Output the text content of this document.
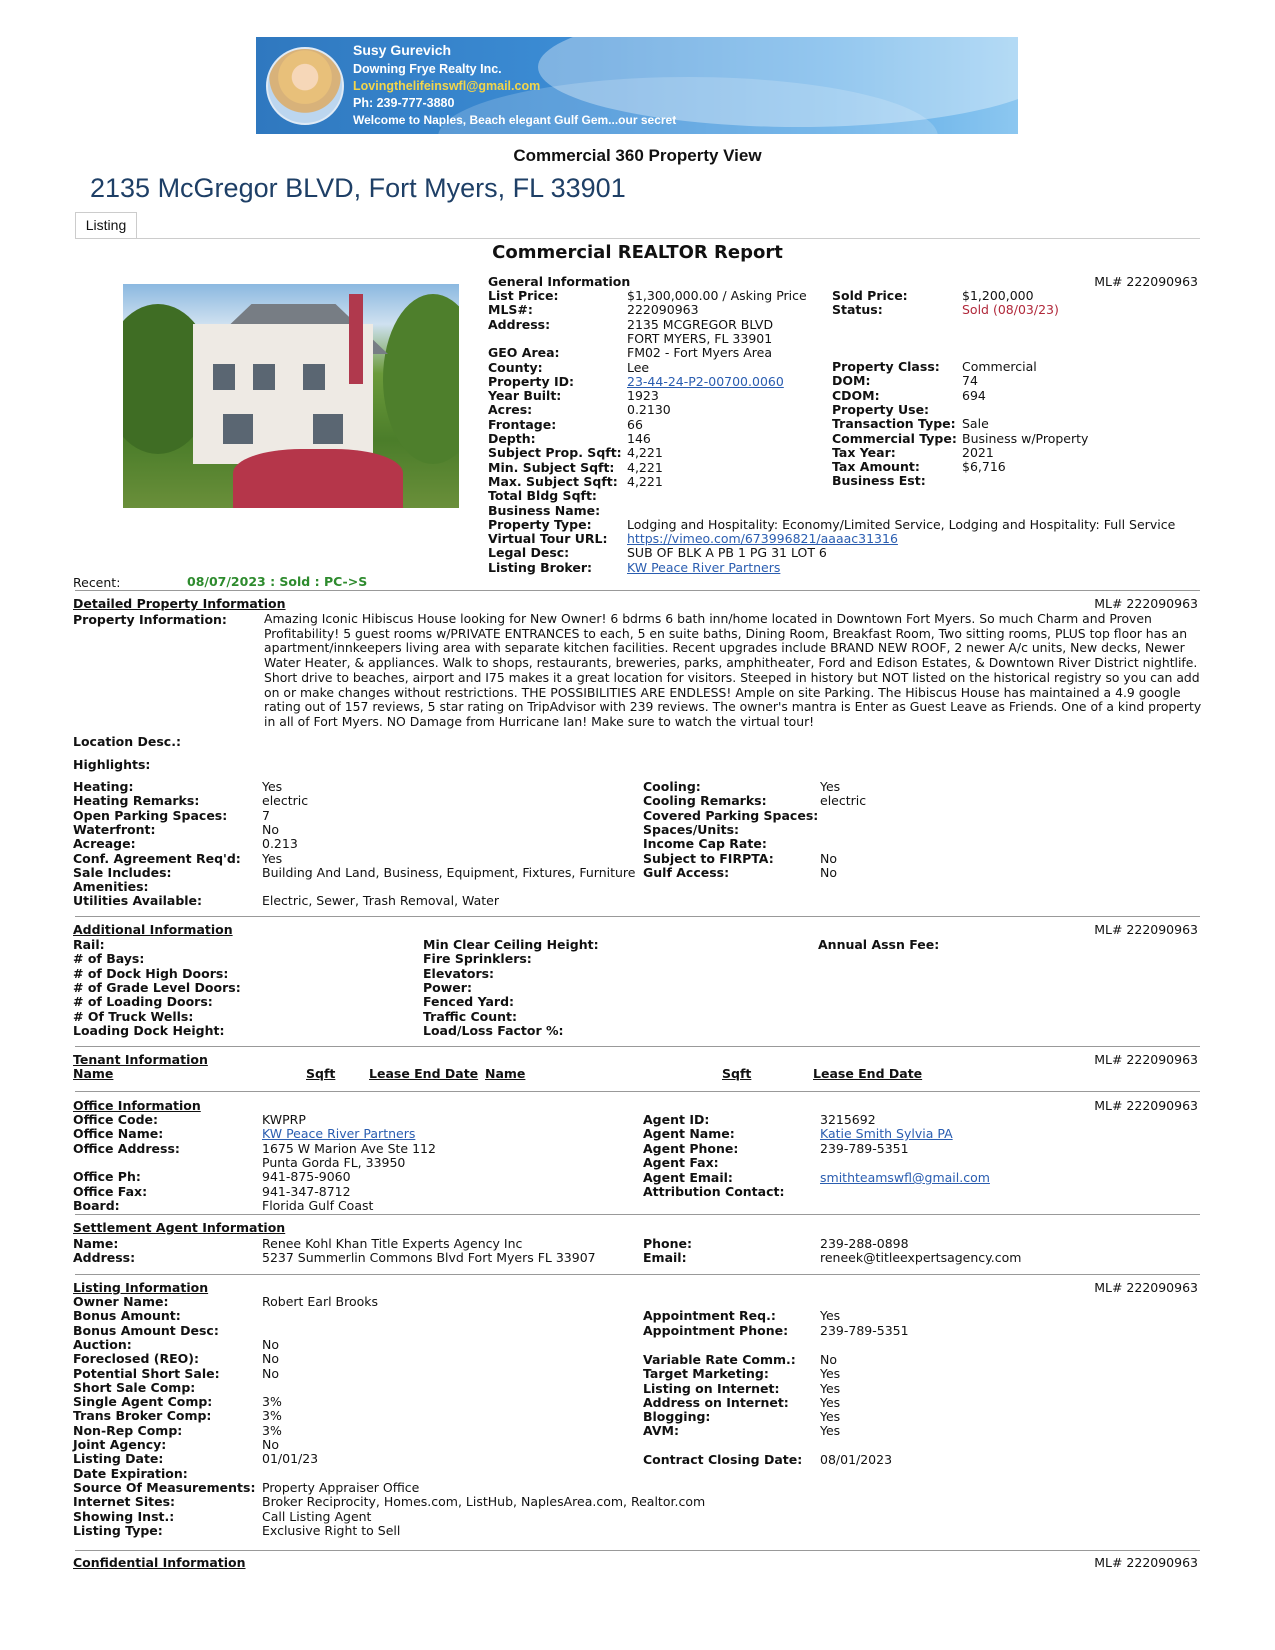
Susy Gurevich
Downing Frye Realty Inc.
Lovingthelifeinswfl@gmail.com
Ph: 239-777-3880
Welcome to Naples, Beach elegant Gulf Gem...our secret
Commercial 360 Property View
2135 McGregor BLVD, Fort Myers, FL 33901
Listing
Commercial REALTOR Report
General Information	ML# 222090963
List Price:	$1,300,000.00 / Asking Price
MLS#:	222090963
Address:	2135 MCGREGOR BLVD
FORT MYERS, FL 33901
GEO Area:	FM02 - Fort Myers Area
County:	Lee
Property ID:	23-44-24-P2-00700.0060
Year Built:	1923
Acres:	0.2130
Frontage:	66
Depth:	146
Subject Prop. Sqft: 4,221
Min. Subject Sqft: 4,221
Max. Subject Sqft: 4,221
Total Bldg Sqft:
Business Name:
Property Type:	Lodging and Hospitality: Economy/Limited Service, Lodging and Hospitality: Full Service
Virtual Tour URL: https://vimeo.com/673996821/aaaac31316
Legal Desc:	SUB OF BLK A PB 1 PG 31 LOT 6
Listing Broker:	KW Peace River Partners
Sold Price:	$1,200,000
Status:	Sold (08/03/23)
Property Class: Commercial
DOM:	74
CDOM:	694
Property Use:
Transaction Type: Sale
Commercial Type: Business w/Property
Tax Year:	2021
Tax Amount:	$6,716
Business Est:
Recent:	08/07/2023 : Sold : PC->S
Detailed Property Information	ML# 222090963
Property Information:	Amazing Iconic Hibiscus House looking for New Owner! 6 bdrms 6 bath inn/home located in Downtown Fort Myers. So much Charm and Proven Profitability! 5 guest rooms w/PRIVATE ENTRANCES to each, 5 en suite baths, Dining Room, Breakfast Room, Two sitting rooms, PLUS top floor has an apartment/innkeepers living area with separate kitchen facilities. Recent upgrades include BRAND NEW ROOF, 2 newer A/c units, New decks, Newer Water Heater, & appliances. Walk to shops, restaurants, breweries, parks, amphitheater, Ford and Edison Estates, & Downtown River District nightlife. Short drive to beaches, airport and I75 makes it a great location for visitors. Steeped in history but NOT listed on the historical registry so you can add on or make changes without restrictions. THE POSSIBILITIES ARE ENDLESS! Ample on site Parking. The Hibiscus House has maintained a 4.9 google rating out of 157 reviews, 5 star rating on TripAdvisor with 239 reviews. The owner's mantra is Enter as Guest Leave as Friends. One of a kind property in all of Fort Myers. NO Damage from Hurricane Ian! Make sure to watch the virtual tour!
Location Desc.:
Highlights:
Heating:	Yes
Heating Remarks:	electric
Open Parking Spaces:	7
Waterfront:	No
Acreage:	0.213
Conf. Agreement Req'd: Yes
Sale Includes:	Building And Land, Business, Equipment, Fixtures, Furniture
Amenities:
Utilities Available:	Electric, Sewer, Trash Removal, Water
Cooling:	Yes
Cooling Remarks:	electric
Covered Parking Spaces:
Spaces/Units:
Income Cap Rate:
Subject to FIRPTA:	No
Gulf Access:	No
Additional Information	ML# 222090963
Rail:
# of Bays:
# of Dock High Doors:
# of Grade Level Doors:
# of Loading Doors:
# Of Truck Wells:
Loading Dock Height:
Min Clear Ceiling Height:
Fire Sprinklers:
Elevators:
Power:
Fenced Yard:
Traffic Count:
Load/Loss Factor %:
Annual Assn Fee:
Tenant Information	ML# 222090963
Name	Sqft	Lease End Date Name	Sqft	Lease End Date
Office Information	ML# 222090963
Office Code:	KWPRP
Office Name:	KW Peace River Partners
Office Address:	1675 W Marion Ave Ste 112
Punta Gorda FL, 33950
Office Ph:	941-875-9060
Office Fax:	941-347-8712
Board:	Florida Gulf Coast
Agent ID:	3215692
Agent Name:	Katie Smith Sylvia PA
Agent Phone:	239-789-5351
Agent Fax:
Agent Email:	smithteamswfl@gmail.com
Attribution Contact:
Settlement Agent Information
Name:	Renee Kohl Khan Title Experts Agency Inc
Address:	5237 Summerlin Commons Blvd Fort Myers FL 33907
Phone:	239-288-0898
Email:	reneek@titleexpertsagency.com
Listing Information	ML# 222090963
Owner Name:	Robert Earl Brooks
Bonus Amount:
Bonus Amount Desc:
Auction:	No
Foreclosed (REO):	No
Potential Short Sale:	No
Short Sale Comp:
Single Agent Comp:	3%
Trans Broker Comp:	3%
Non-Rep Comp:	3%
Joint Agency:	No
Listing Date:	01/01/23
Date Expiration:
Source Of Measurements: Property Appraiser Office
Internet Sites:	Broker Reciprocity, Homes.com, ListHub, NaplesArea.com, Realtor.com
Showing Inst.:	Call Listing Agent
Listing Type:	Exclusive Right to Sell
Appointment Req.:	Yes
Appointment Phone:	239-789-5351
Variable Rate Comm.: No
Target Marketing:	Yes
Listing on Internet:	Yes
Address on Internet: Yes
Blogging:	Yes
AVM:	Yes
Contract Closing Date: 08/01/2023
Confidential Information	ML# 222090963
